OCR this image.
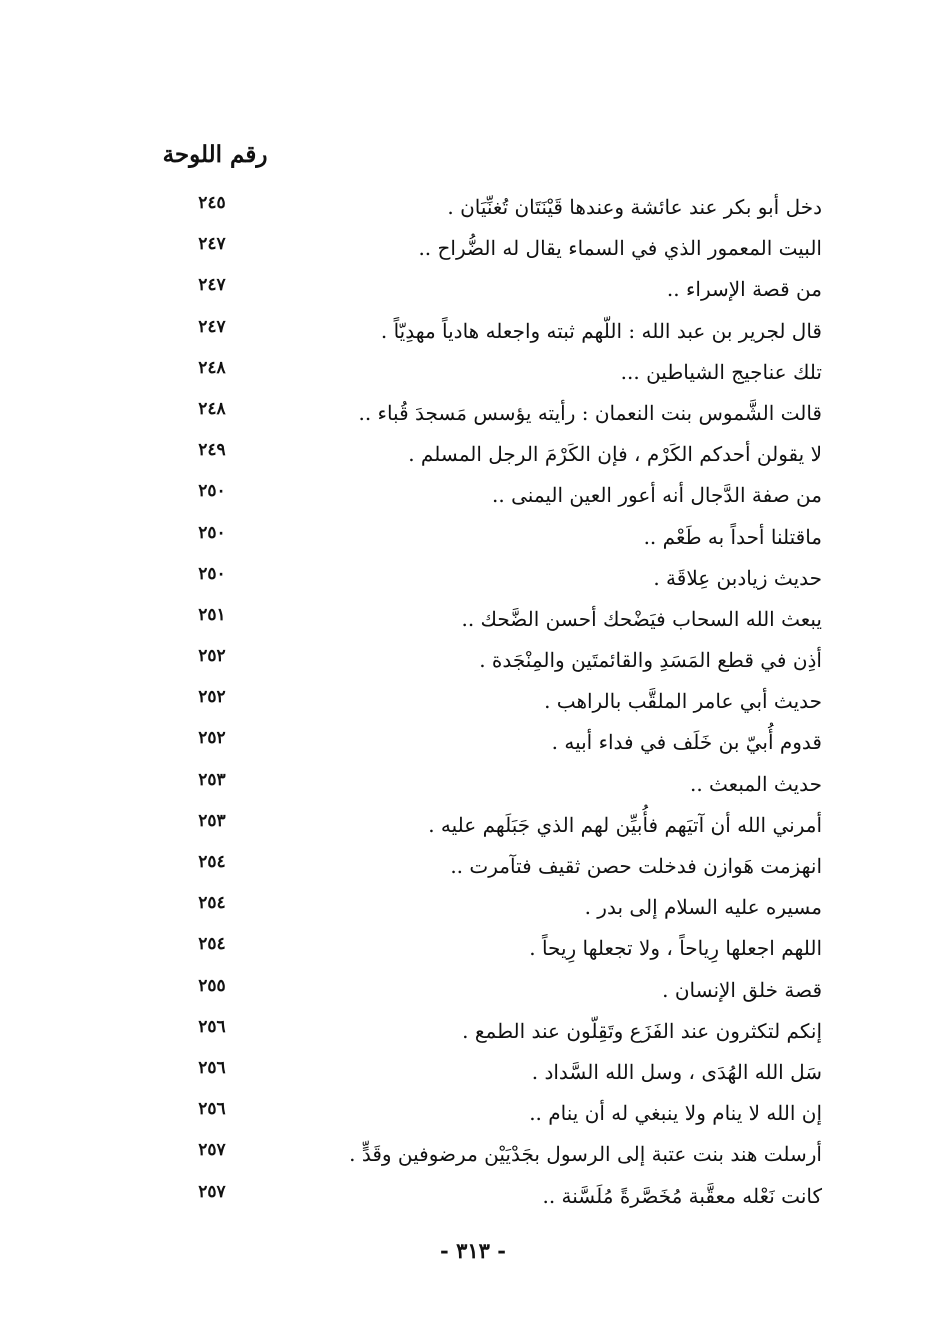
رقم اللوحة
دخل أبو بكر عند عائشة وعندها قَيْنَتَان تُغنِّيَان .
٢٤٥
البيت المعمور الذي في السماء يقال له الضُّراح ..
٢٤٧
من قصة الإسراء ..
٢٤٧
قال لجرير بن عبد الله : اللّهم ثبته واجعله هادياً مهدِيّاً .
٢٤٧
تلك عناجيج الشياطين ...
٢٤٨
قالت الشَّموس بنت النعمان : رأيته يؤسس مَسجدَ قُباء ..
٢٤٨
لا يقولن أحدكم الكَرْم ، فإن الكَرْمَ الرجل المسلم .
٢٤٩
من صفة الدَّجال أنه أعور العين اليمنى ..
٢٥٠
ماقتلنا أحداً به طَعْم ..
٢٥٠
حديث زيادبن عِلاقَة .
٢٥٠
يبعث الله السحاب فيَضْحك أحسن الضَّحك ..
٢٥١
أذِن في قطع المَسَدِ والقائمتَين والمِنْجَدة .
٢٥٢
حديث أبي عامر الملقَّب بالراهب .
٢٥٢
قدوم أُبيّ بن خَلَف في فداء أبيه .
٢٥٢
حديث المبعث ..
٢٥٣
أمرني الله أن آتيَهم فأُبيِّن لهم الذي جَبَلَهم عليه .
٢٥٣
انهزمت هَوازن فدخلت حصن ثقيف فتآمرت ..
٢٥٤
مسيره عليه السلام إلى بدر .
٢٥٤
اللهم اجعلها رِياحاً ، ولا تجعلها رِيحاً .
٢٥٤
قصة خلق الإنسان .
٢٥٥
إنكم لتكثرون عند الفَزَع وتَقِلّون عند الطمع .
٢٥٦
سَل الله الهُدَى ، وسل الله السَّداد .
٢٥٦
إن الله لا ينام ولا ينبغي له أن ينام ..
٢٥٦
أرسلت هند بنت عتبة إلى الرسول بجَدْيَيْن مرضوفين وقَدٍّ .
٢٥٧
كانت نَعْله معقَّبة مُخَصَّرةً مُلَسَّنة ..
٢٥٧
- ٣١٣ -
